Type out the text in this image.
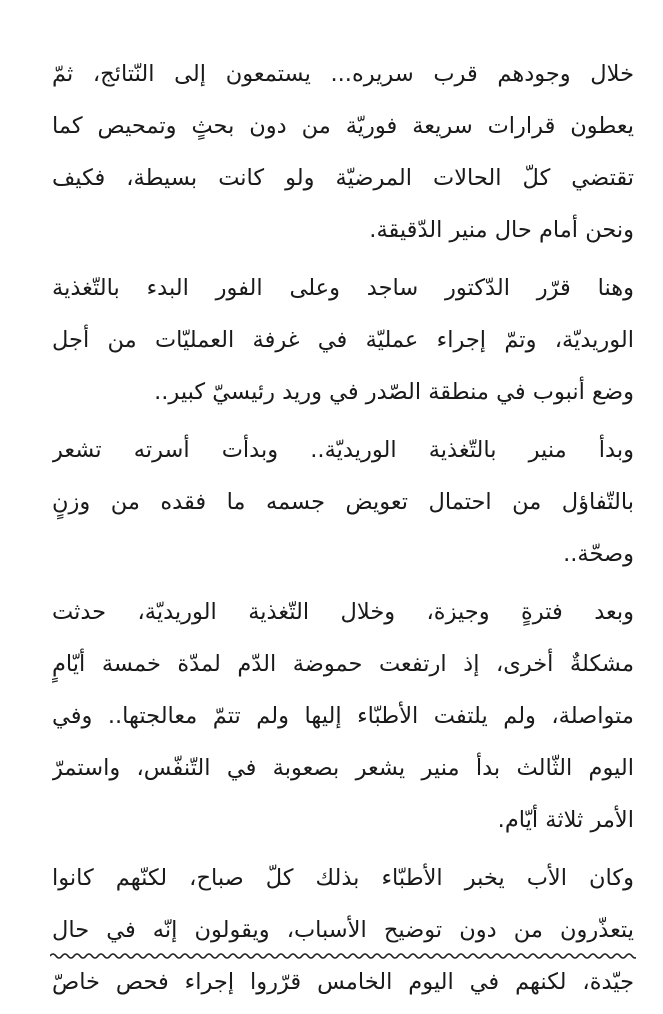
خلال وجودهم قرب سريره... يستمعون إلى النّتائج، ثمّ
يعطون قرارات سريعة فوريّة من دون بحثٍ وتمحيص كما
تقتضي كلّ الحالات المرضيّة ولو كانت بسيطة، فكيف
ونحن أمام حال منير الدّقيقة.
وهنا قرّر الدّكتور ساجد وعلى الفور البدء بالتّغذية
الوريديّة، وتمّ إجراء عمليّة في غرفة العمليّات من أجل
وضع أنبوب في منطقة الصّدر في وريد رئيسيّ كبير..
وبدأ منير بالتّغذية الوريديّة.. وبدأت أسرته تشعر
بالتّفاؤل من احتمال تعويض جسمه ما فقده من وزنٍ
وصحّة..
وبعد فترةٍ وجيزة، وخلال التّغذية الوريديّة، حدثت
مشكلةٌ أخرى، إذ ارتفعت حموضة الدّم لمدّة خمسة أيّامٍ
متواصلة، ولم يلتفت الأطبّاء إليها ولم تتمّ معالجتها.. وفي
اليوم الثّالث بدأ منير يشعر بصعوبة في التّنفّس، واستمرّ
الأمر ثلاثة أيّام.
وكان الأب يخبر الأطبّاء بذلك كلّ صباح، لكنّهم كانوا
يتعذّرون من دون توضيح الأسباب، ويقولون إنّه في حال
جيّدة، لكنهم في اليوم الخامس قرّروا إجراء فحص خاصّ
